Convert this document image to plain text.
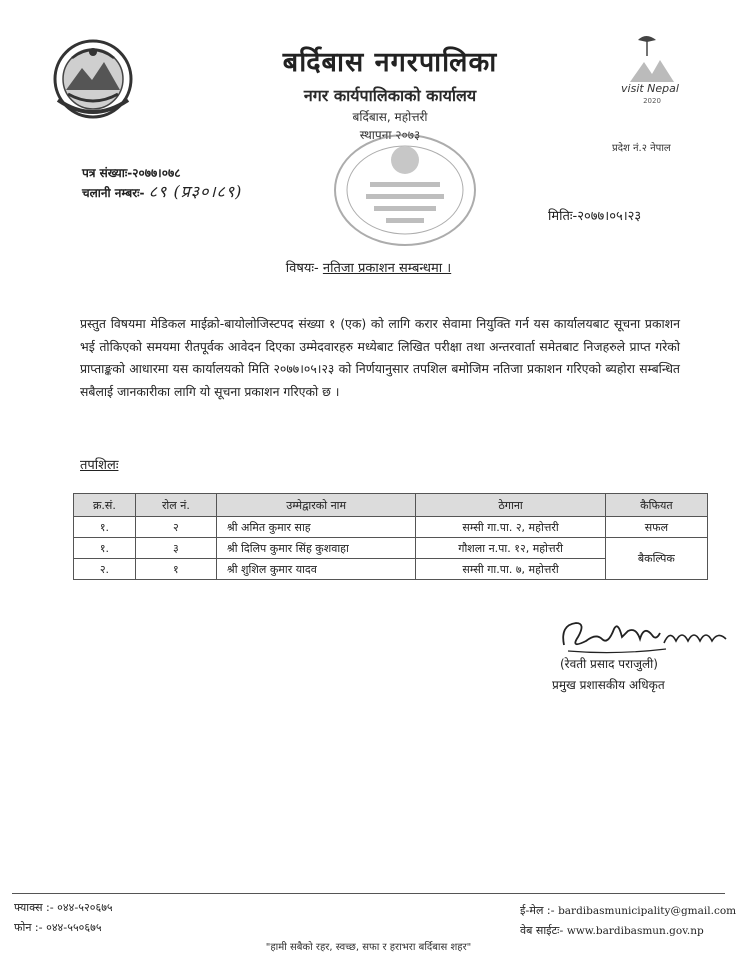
बर्दिबास नगरपालिका
नगर कार्यपालिकाको कार्यालय
बर्दिबास, महोत्तरी
स्थापना २०७३
visit Nepal
2020
प्रदेश नं.२ नेपाल
पत्र संख्याः-२०७७।०७८
चलानी नम्बरः- ८९ (प्र३०।८९)
मितिः-२०७७।०५।२३
विषयः- नतिजा प्रकाशन सम्बन्धमा ।
प्रस्तुत विषयमा मेडिकल माईक्रो-बायोलोजिस्टपद संख्या १ (एक) को लागि करार सेवामा नियुक्ति गर्न यस कार्यालयबाट सूचना प्रकाशन भई तोकिएको समयमा रीतपूर्वक आवेदन दिएका उम्मेदवारहरु मध्येबाट लिखित परीक्षा तथा अन्तरवार्ता समेतबाट निजहरुले प्राप्त गरेको प्राप्ताङ्कको आधारमा यस कार्यालयको मिति २०७७।०५।२३ को निर्णयानुसार तपशिल बमोजिम नतिजा प्रकाशन गरिएको ब्यहोरा सम्बन्धित सबैलाई जानकारीका लागि यो सूचना प्रकाशन गरिएको छ ।
तपशिलः
क्र.सं.	रोल नं.	उम्मेद्वारको नाम	ठेगाना	कैफियत
१.	२	श्री अमित कुमार साह	सम्सी गा.पा. २, महोत्तरी	सफल
१.	३	श्री दिलिप कुमार सिंह कुशवाहा	गौशला न.पा. १२, महोत्तरी	बैकल्पिक
२.	१	श्री शुशिल कुमार यादव	सम्सी गा.पा. ७, महोत्तरी	
(रेवती प्रसाद पराजुली)
प्रमुख प्रशासकीय अधिकृत
फ्याक्स :- ०४४-५२०६७५
फोन :- ०४४-५५०६७५
ई-मेल :- bardibasmunicipality@gmail.com
वेब साईटः- www.bardibasmun.gov.np
"हामी सबैको रहर, स्वच्छ, सफा र हराभरा बर्दिबास शहर"
